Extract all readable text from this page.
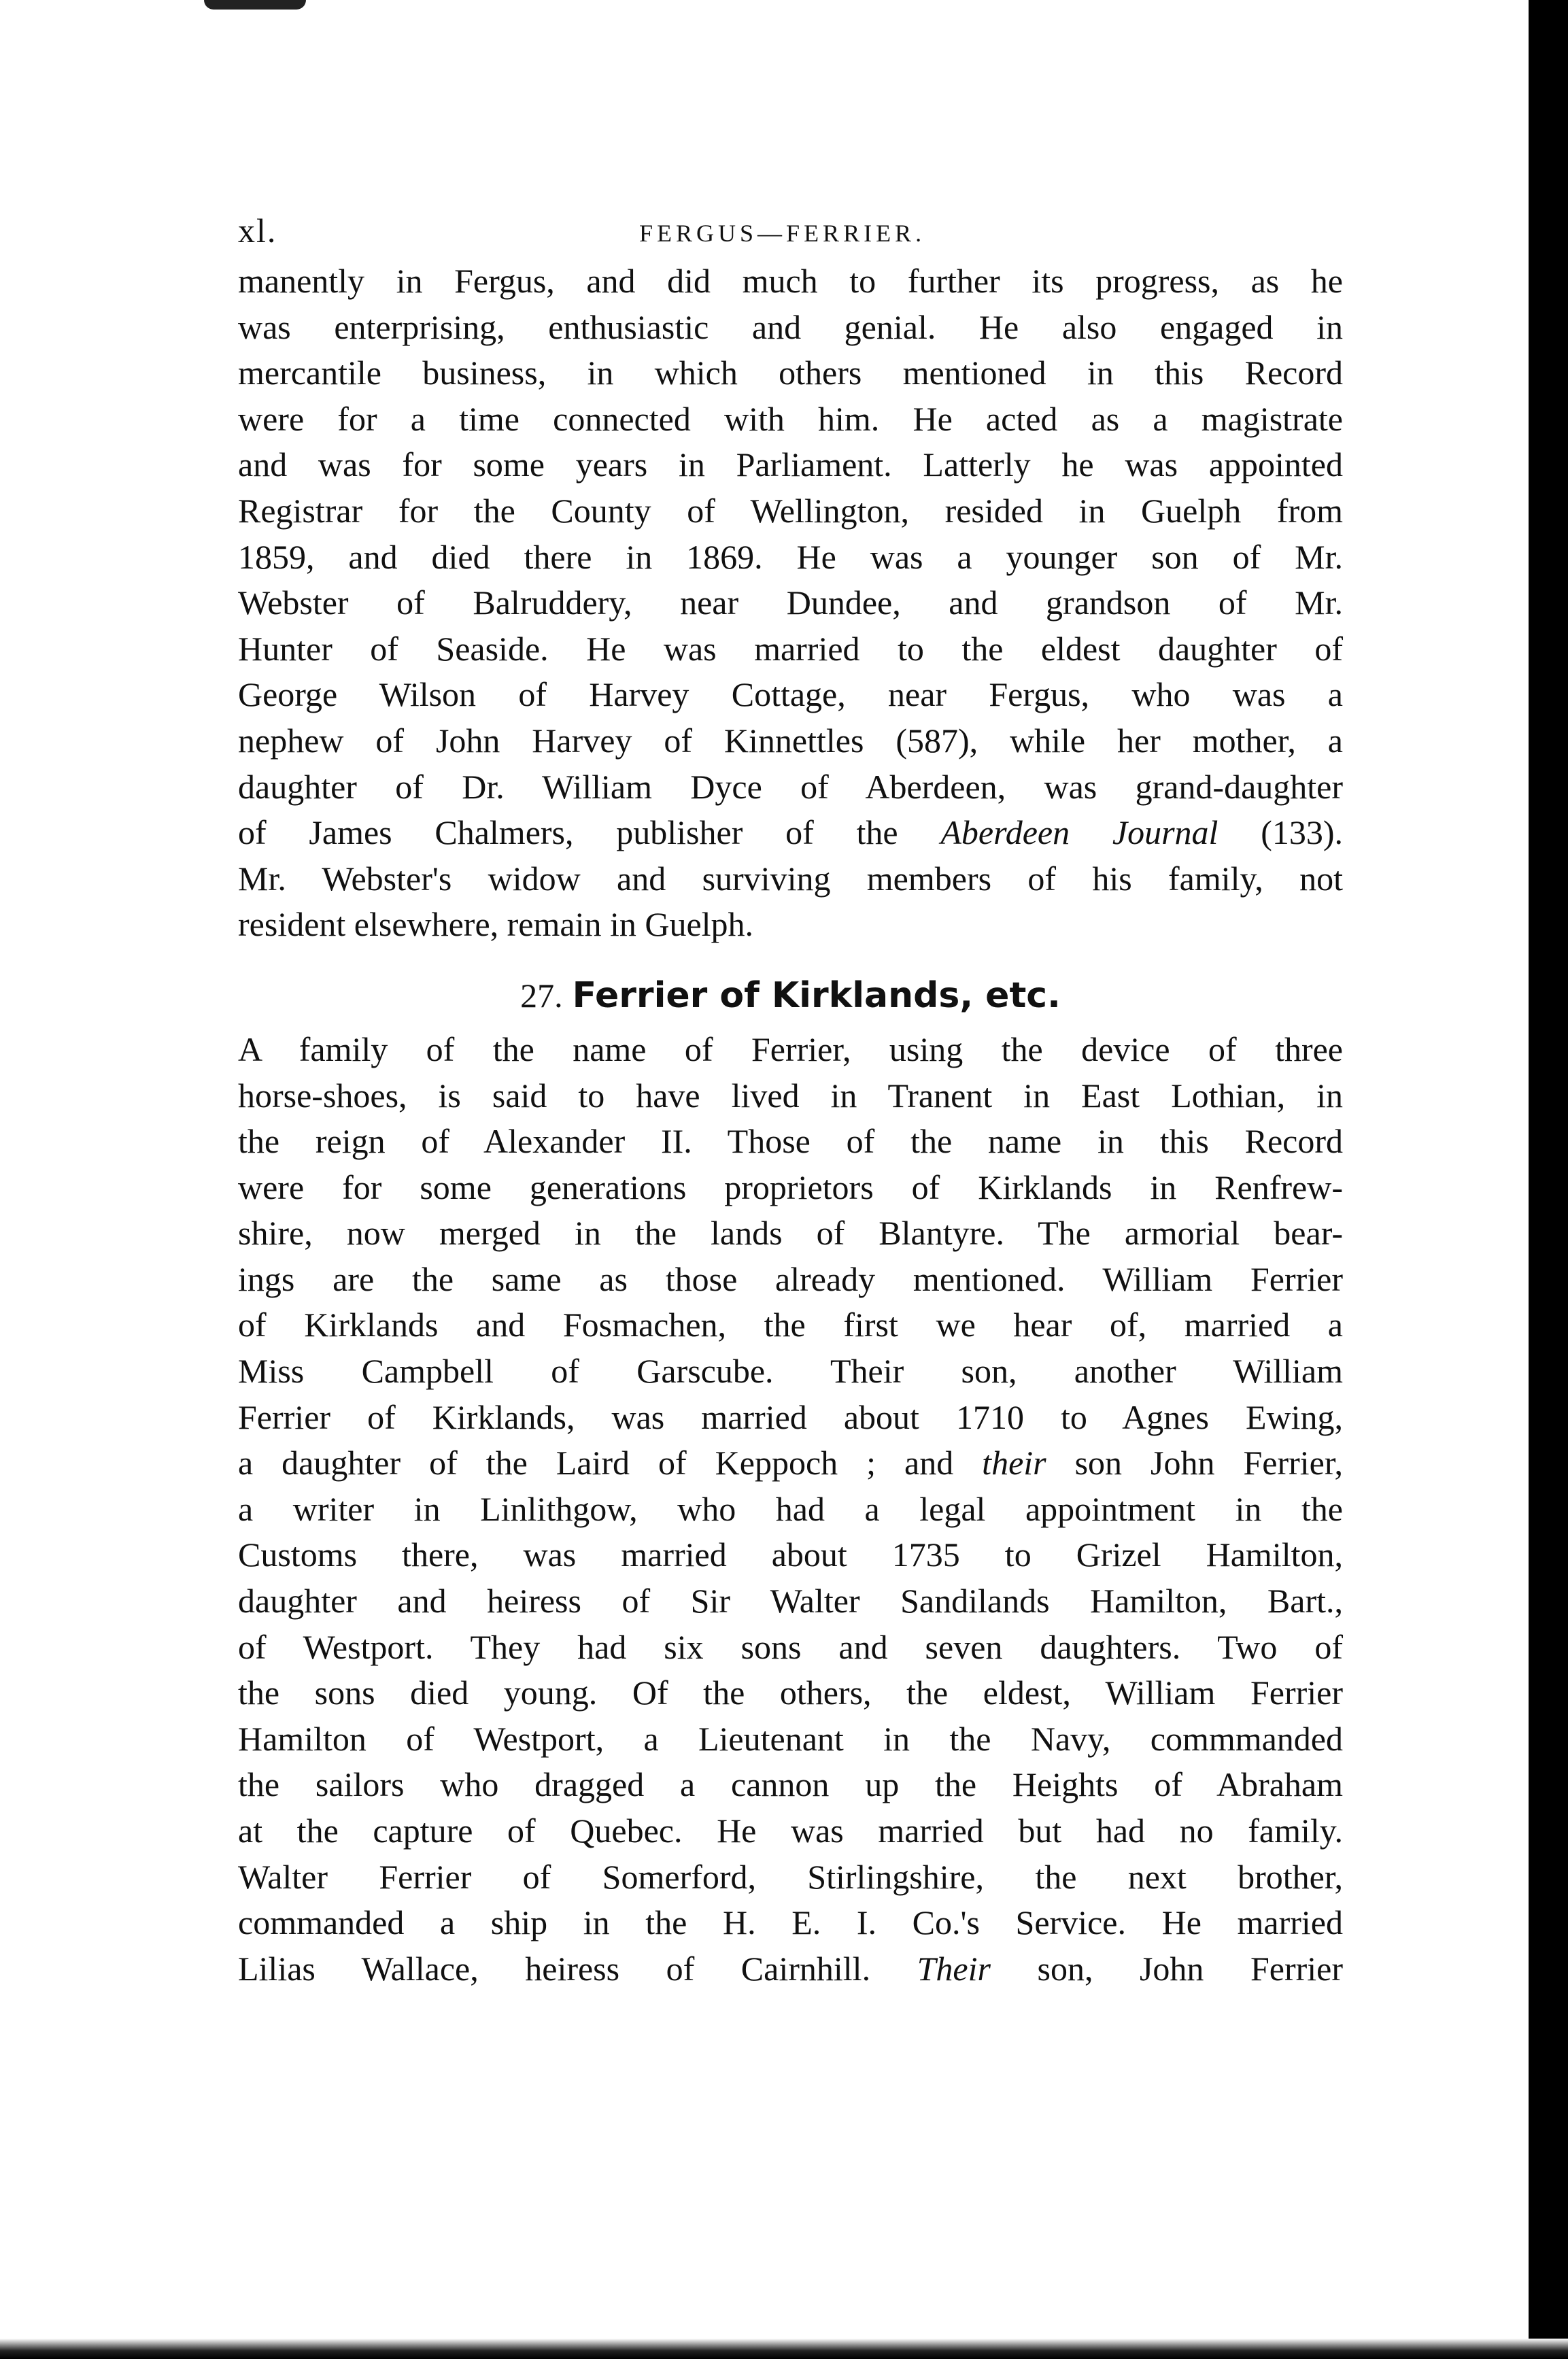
xl.	FERGUS—FERRIER.

manently in Fergus, and did much to further its progress, as he
was enterprising, enthusiastic and genial. He also engaged in
mercantile business, in which others mentioned in this Record
were for a time connected with him. He acted as a magistrate
and was for some years in Parliament. Latterly he was appointed
Registrar for the County of Wellington, resided in Guelph from
1859, and died there in 1869. He was a younger son of Mr.
Webster of Balruddery, near Dundee, and grandson of Mr.
Hunter of Seaside. He was married to the eldest daughter of
George Wilson of Harvey Cottage, near Fergus, who was a
nephew of John Harvey of Kinnettles (587), while her mother, a
daughter of Dr. William Dyce of Aberdeen, was grand-daughter
of James Chalmers, publisher of the Aberdeen Journal (133).
Mr. Webster's widow and surviving members of his family, not
resident elsewhere, remain in Guelph.

27. Ferrier of Kirklands, etc.

A family of the name of Ferrier, using the device of three
horse-shoes, is said to have lived in Tranent in East Lothian, in
the reign of Alexander II. Those of the name in this Record
were for some generations proprietors of Kirklands in Renfrew-
shire, now merged in the lands of Blantyre. The armorial bear-
ings are the same as those already mentioned. William Ferrier
of Kirklands and Fosmachen, the first we hear of, married a
Miss Campbell of Garscube. Their son, another William
Ferrier of Kirklands, was married about 1710 to Agnes Ewing,
a daughter of the Laird of Keppoch ; and their son John Ferrier,
a writer in Linlithgow, who had a legal appointment in the
Customs there, was married about 1735 to Grizel Hamilton,
daughter and heiress of Sir Walter Sandilands Hamilton, Bart.,
of Westport. They had six sons and seven daughters. Two of
the sons died young. Of the others, the eldest, William Ferrier
Hamilton of Westport, a Lieutenant in the Navy, commmanded
the sailors who dragged a cannon up the Heights of Abraham
at the capture of Quebec. He was married but had no family.
Walter Ferrier of Somerford, Stirlingshire, the next brother,
commanded a ship in the H. E. I. Co.'s Service. He married
Lilias Wallace, heiress of Cairnhill. Their son, John Ferrier
